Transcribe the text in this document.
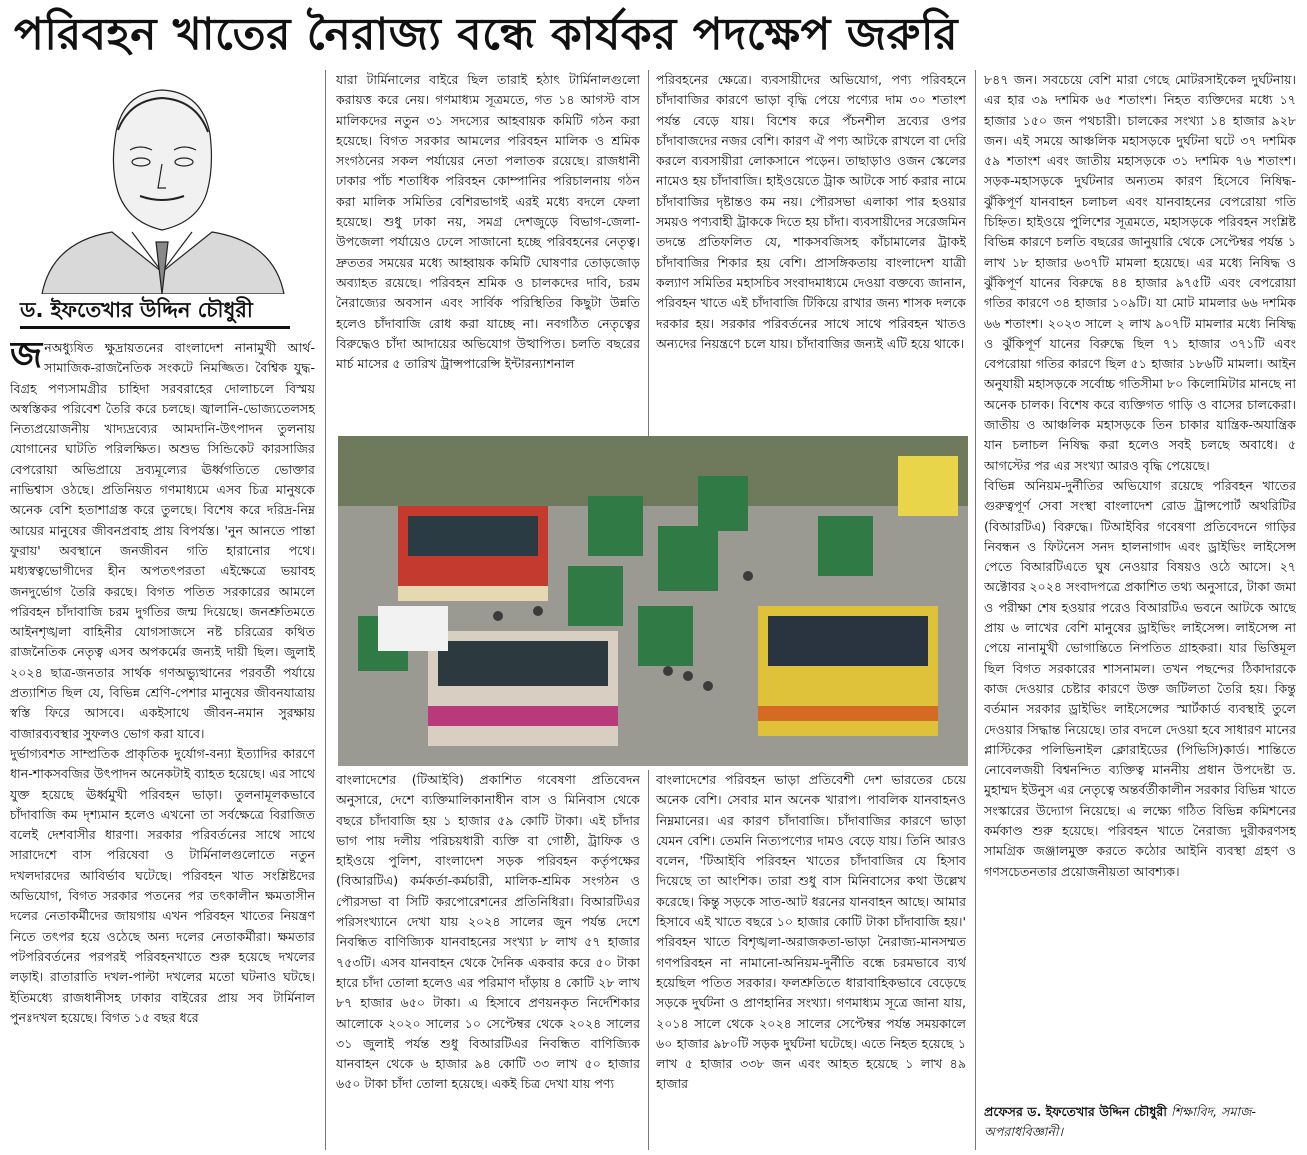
পরিবহন খাতের নৈরাজ্য বন্ধে কার্যকর পদক্ষেপ জরুরি
ড. ইফতেখার উদ্দিন চৌধুরী

জনঅধ্যুষিত ক্ষুদ্রায়তনের বাংলাদেশ নানামুখী আর্থ-সামাজিক-রাজনৈতিক সংকটে নিমজ্জিত। বৈশ্বিক যুদ্ধ-বিগ্রহ পণ্যসামগ্রীর চাহিদা সরবরাহের দোলাচলে বিস্ময় অস্বস্তিকর পরিবেশ তৈরি করে চলছে। জ্বালানি-ভোজ্যতেলসহ নিত্যপ্রয়োজনীয় খাদ্যদ্রব্যের আমদানি-উৎপাদন তুলনায় যোগানের ঘাটতি পরিলক্ষিত। অশুভ সিন্ডিকেট কারসাজির বেপরোয়া অভিপ্রায়ে দ্রব্যমূল্যের ঊর্ধ্বগতিতে ভোক্তার নাভিশ্বাস ওঠছে। প্রতিনিয়ত গণমাধ্যমে এসব চিত্র মানুষকে অনেক বেশি হতাশাগ্রস্ত করে তুলছে। বিশেষ করে দরিদ্র-নিম্ন আয়ের মানুষের জীবনপ্রবাহ প্রায় বিপর্যস্ত। 'নুন আনতে পান্তা ফুরায়' অবস্থানে জনজীবন গতি হারানোর পথে। মধ্যস্বত্বভোগীদের হীন অপতৎপরতা এইক্ষেত্রে ভয়াবহ জনদুর্ভোগ তৈরি করছে। বিগত পতিত সরকারের আমলে পরিবহন চাঁদাবাজি চরম দুর্গতির জন্ম দিয়েছে। জনশ্রুতিমতে আইনশৃঙ্খলা বাহিনীর যোগসাজসে নষ্ট চরিত্রের কথিত রাজনৈতিক নেতৃত্ব এসব অপকর্মের জন্যই দায়ী ছিল। জুলাই ২০২৪ ছাত্র-জনতার সার্থক গণঅভ্যুত্থানের পরবর্তী পর্যায়ে প্রত্যাশিত ছিল যে, বিভিন্ন শ্রেণি-পেশার মানুষের জীবনযাত্রায় স্বস্তি ফিরে আসবে। একইসাথে জীবন-নমান সুরক্ষায় বাজারব্যবস্থার সুফলও ভোগ করা যাবে।

দুর্ভাগ্যবশত সাম্প্রতিক প্রাকৃতিক দুর্যোগ-বন্যা ইত্যাদির কারণে ধান-শাকসবজির উৎপাদন অনেকটাই ব্যাহত হয়েছে। এর সাথে যুক্ত হয়েছে ঊর্ধ্বমুখী পরিবহন ভাড়া। তুলনামূলকভাবে চাঁদাবাজি কম দৃশ্যমান হলেও এখনো তা সর্বক্ষেত্রে বিরাজিত বলেই দেশবাসীর ধারণা। সরকার পরিবর্তনের সাথে সাথে সারাদেশে বাস পরিষেবা ও টার্মিনালগুলোতে নতুন দখলদারদের আবির্ভাব ঘটেছে। পরিবহন খাত সংশ্লিষ্টদের অভিযোগ, বিগত সরকার পতনের পর তৎকালীন ক্ষমতাসীন দলের নেতাকর্মীদের জায়গায় এখন পরিবহন খাতের নিয়ন্ত্রণ নিতে তৎপর হয়ে ওঠেছে অন্য দলের নেতাকর্মীরা। ক্ষমতার পটপরিবর্তনের পরপরই পরিবহনখাতে শুরু হয়েছে দখলের লড়াই। রাতারাতি দখল-পাল্টা দখলের মতো ঘটনাও ঘটছে। ইতিমধ্যে রাজধানীসহ ঢাকার বাইরের প্রায় সব টার্মিনাল পুনঃদখল হয়েছে। বিগত ১৫ বছর ধরে

যারা টার্মিনালের বাইরে ছিল তারাই হঠাৎ টার্মিনালগুলো করায়ত্ত করে নেয়। গণমাধ্যম সূত্রমতে, গত ১৪ আগস্ট বাস মালিকদের নতুন ৩১ সদস্যের আহবায়ক কমিটি গঠন করা হয়েছে। বিগত সরকার আমলের পরিবহন মালিক ও শ্রমিক সংগঠনের সকল পর্যায়ের নেতা পলাতক রয়েছে। রাজধানী ঢাকার পাঁচ শতাধিক পরিবহন কোম্পানির পরিচালনায় গঠন করা মালিক সমিতির বেশিরভাগই এরই মধ্যে বদলে ফেলা হয়েছে। শুধু ঢাকা নয়, সমগ্র দেশজুড়ে বিভাগ-জেলা-উপজেলা পর্যায়েও ঢেলে সাজানো হচ্ছে পরিবহনের নেতৃত্ব। দ্রুততর সময়ের মধ্যে আহ্বায়ক কমিটি ঘোষণার তোড়জোড় অব্যাহত রয়েছে। পরিবহন শ্রমিক ও চালকদের দাবি, চরম নৈরাজ্যের অবসান এবং সার্বিক পরিস্থিতির কিছুটা উন্নতি হলেও চাঁদাবাজি রোধ করা যাচ্ছে না। নবগঠিত নেতৃত্বের বিরুদ্ধেও চাঁদা আদায়ের অভিযোগ উত্থাপিত। চলতি বছরের মার্চ মাসের ৫ তারিখ ট্রান্সপারেন্সি ইন্টারন্যাশনাল

পরিবহনের ক্ষেত্রে। ব্যবসায়ীদের অভিযোগ, পণ্য পরিবহনে চাঁদাবাজির কারণে ভাড়া বৃদ্ধি পেয়ে পণ্যের দাম ৩০ শতাংশ পর্যন্ত বেড়ে যায়। বিশেষ করে পঁচনশীল দ্রব্যের ওপর চাঁদাবাজদের নজর বেশি। কারণ ঐ পণ্য আটকে রাখলে বা দেরি করলে ব্যবসায়ীরা লোকসানে পড়েন। তাছাড়াও ওজন স্কেলের নামেও হয় চাঁদাবাজি। হাইওয়েতে ট্রাক আটকে সার্চ করার নামে চাঁদাবাজির দৃষ্টান্তও কম নয়। পৌরসভা এলাকা পার হওয়ার সময়ও পণ্যবাহী ট্রাককে দিতে হয় চাঁদা। ব্যবসায়ীদের সরেজমিন তদন্তে প্রতিফলিত যে, শাকসবজিসহ কাঁচামালের ট্রাকই চাঁদাবাজির শিকার হয় বেশি। প্রাসঙ্গিকতায় বাংলাদেশ যাত্রী কল্যাণ সমিতির মহাসচিব সংবাদমাধ্যমে দেওয়া বক্তব্যে জানান, পরিবহন খাতে এই চাঁদাবাজি টিকিয়ে রাখার জন্য শাসক দলকে দরকার হয়। সরকার পরিবর্তনের সাথে সাথে পরিবহন খাতও অন্যদের নিয়ন্ত্রণে চলে যায়। চাঁদাবাজির জন্যই এটি হয়ে থাকে।

বাংলাদেশের (টিআইবি) প্রকাশিত গবেষণা প্রতিবেদন অনুসারে, দেশে ব্যক্তিমালিকানাধীন বাস ও মিনিবাস থেকে বছরে চাঁদাবাজি হয় ১ হাজার ৫৯ কোটি টাকা। এই চাঁদার ভাগ পায় দলীয় পরিচয়ধারী ব্যক্তি বা গোষ্ঠী, ট্রাফিক ও হাইওয়ে পুলিশ, বাংলাদেশ সড়ক পরিবহন কর্তৃপক্ষের (বিআরটিএ) কর্মকর্তা-কর্মচারী, মালিক-শ্রমিক সংগঠন ও পৌরসভা বা সিটি করপোরেশনের প্রতিনিধিরা। বিআরটিএর পরিসংখ্যানে দেখা যায় ২০২৪ সালের জুন পর্যন্ত দেশে নিবন্ধিত বাণিজ্যিক যানবাহনের সংখ্যা ৮ লাখ ৫৭ হাজার ৭৫৩টি। এসব যানবাহন থেকে দৈনিক একবার করে ৫০ টাকা হারে চাঁদা তোলা হলেও এর পরিমাণ দাঁড়ায় ৪ কোটি ২৮ লাখ ৮৭ হাজার ৬৫০ টাকা। এ হিসাবে প্রণয়নকৃত নির্দেশিকার আলোকে ২০২০ সালের ১০ সেপ্টেম্বর থেকে ২০২৪ সালের ৩১ জুলাই পর্যন্ত শুধু বিআরটিএর নিবন্ধিত বাণিজ্যিক যানবাহন থেকে ৬ হাজার ৯৪ কোটি ৩৩ লাখ ৫০ হাজার ৬৫০ টাকা চাঁদা তোলা হয়েছে। একই চিত্র দেখা যায় পণ্য

বাংলাদেশের পরিবহন ভাড়া প্রতিবেশী দেশ ভারতের চেয়ে অনেক বেশি। সেবার মান অনেক খারাপ। পাবলিক যানবাহনও নিম্নমানের। এর কারণ চাঁদাবাজি। চাঁদাবাজির কারণে ভাড়া যেমন বেশি। তেমনি নিত্যপণ্যের দামও বেড়ে যায়। তিনি আরও বলেন, 'টিআইবি পরিবহন খাতের চাঁদাবাজির যে হিসাব দিয়েছে তা আংশিক। তারা শুধু বাস মিনিবাসের কথা উল্লেখ করেছে। কিন্তু সড়কে সাত-আট ধরনের যানবাহন আছে। আমার হিসাবে এই খাতে বছরে ১০ হাজার কোটি টাকা চাঁদাবাজি হয়।' পরিবহন খাতে বিশৃঙ্খলা-অরাজকতা-ভাড়া নৈরাজ্য-মানসম্মত গণপরিবহন না নামানো-অনিয়ম-দুর্নীতি বন্ধে চরমভাবে ব্যর্থ হয়েছিল পতিত সরকার। ফলশ্রুতিতে ধারাবাহিকভাবে বেড়েছে সড়কে দুর্ঘটনা ও প্রাণহানির সংখ্যা। গণমাধ্যম সূত্রে জানা যায়, ২০১৪ সালে থেকে ২০২৪ সালের সেপ্টেম্বর পর্যন্ত সময়কালে ৬০ হাজার ৯৮০টি সড়ক দুর্ঘটনা ঘটেছে। এতে নিহত হয়েছে ১ লাখ ৫ হাজার ৩৩৮ জন এবং আহত হয়েছে ১ লাখ ৪৯ হাজার

৮৪৭ জন। সবচেয়ে বেশি মারা গেছে মোটরসাইকেল দুর্ঘটনায়। এর হার ৩৯ দশমিক ৬৫ শতাংশ। নিহত ব্যক্তিদের মধ্যে ১৭ হাজার ১৫০ জন পথচারী। চালকের সংখ্যা ১৪ হাজার ৯২৮ জন। এই সময়ে আঞ্চলিক মহাসড়কে দুর্ঘটনা ঘটে ৩৭ দশমিক ৫৯ শতাংশ এবং জাতীয় মহাসড়কে ৩১ দশমিক ৭৬ শতাংশ। সড়ক-মহাসড়কে দুর্ঘটনার অন্যতম কারণ হিসেবে নিষিদ্ধ-ঝুঁকিপূর্ণ যানবাহন চলাচল এবং যানবাহনের বেপরোয়া গতি চিহ্নিত। হাইওয়ে পুলিশের সূত্রমতে, মহাসড়কে পরিবহন সংশ্লিষ্ট বিভিন্ন কারণে চলতি বছরের জানুয়ারি থেকে সেপ্টেম্বর পর্যন্ত ১ লাখ ১৮ হাজার ৬৩৭টি মামলা হয়েছে। এর মধ্যে নিষিদ্ধ ও ঝুঁকিপূর্ণ যানের বিরুদ্ধে ৪৪ হাজার ৯৭৫টি এবং বেপরোয়া গতির কারণে ৩৪ হাজার ১০৯টি। যা মোট মামলার ৬৬ দশমিক ৬৬ শতাংশ। ২০২৩ সালে ২ লাখ ৯০৭টি মামলার মধ্যে নিষিদ্ধ ও ঝুঁকিপূর্ণ যানের বিরুদ্ধে ছিল ৭১ হাজার ৩৭১টি এবং বেপরোয়া গতির কারণে ছিল ৫১ হাজার ১৮৬টি মামলা। আইন অনুযায়ী মহাসড়কে সর্বোচ্চ গতিসীমা ৮০ কিলোমিটার মানছে না অনেক চালক। বিশেষ করে ব্যক্তিগত গাড়ি ও বাসের চালকেরা। জাতীয় ও আঞ্চলিক মহাসড়কে তিন চাকার যান্ত্রিক-অযান্ত্রিক যান চলাচল নিষিদ্ধ করা হলেও সবই চলছে অবাধে। ৫ আগস্টের পর এর সংখ্যা আরও বৃদ্ধি পেয়েছে।

বিভিন্ন অনিয়ম-দুর্নীতির অভিযোগ রয়েছে পরিবহন খাতের গুরুত্বপূর্ণ সেবা সংস্থা বাংলাদেশ রোড ট্রান্সপোর্ট অথরিটির (বিআরটিএ) বিরুদ্ধে। টিআইবির গবেষণা প্রতিবেদনে গাড়ির নিবন্ধন ও ফিটনেস সনদ হালনাগাদ এবং ড্রাইভিং লাইসেন্স পেতে বিআরটিএতে ঘুষ নেওয়ার বিষয়ও ওঠে আসে। ২৭ অক্টোবর ২০২৪ সংবাদপত্রে প্রকাশিত তথ্য অনুসারে, টাকা জমা ও পরীক্ষা শেষ হওয়ার পরেও বিআরটিএ ভবনে আটকে আছে প্রায় ৬ লাখের বেশি মানুষের ড্রাইভিং লাইসেন্স। লাইসেন্স না পেয়ে নানামুখী ভোগান্তিতে নিপতিত গ্রাহকরা। যার ভিত্তিমূল ছিল বিগত সরকারের শাসনামল। তখন পছন্দের ঠিকাদারকে কাজ দেওয়ার চেষ্টার কারণে উক্ত জটিলতা তৈরি হয়। কিন্তু বর্তমান সরকার ড্রাইভিং লাইসেন্সের স্মার্টকার্ড ব্যবস্থাই তুলে দেওয়ার সিদ্ধান্ত নিয়েছে। তার বদলে দেওয়া হবে সাধারণ মানের প্লাস্টিকের পলিভিনাইল ক্লোরাইডের (পিভিসি)কার্ড। শান্তিতে নোবেলজয়ী বিশ্বনন্দিত ব্যক্তিত্ব মাননীয় প্রধান উপদেষ্টা ড. মুহাম্মদ ইউনুস এর নেতৃত্বে অন্তর্বর্তীকালীন সরকার বিভিন্ন খাতে সংস্কারের উদ্যোগ নিয়েছে। এ লক্ষ্যে গঠিত বিভিন্ন কমিশনের কর্মকাণ্ড শুরু হয়েছে। পরিবহন খাতে নৈরাজ্য দুরীকরণসহ সামগ্রিক জঞ্জালমুক্ত করতে কঠোর আইনি ব্যবস্থা গ্রহণ ও গণসচেতনতার প্রয়োজনীয়তা আবশ্যক।

প্রফেসর ড. ইফতেখার উদ্দিন চৌধুরী শিক্ষাবিদ, সমাজ-অপরাধবিজ্ঞানী।
